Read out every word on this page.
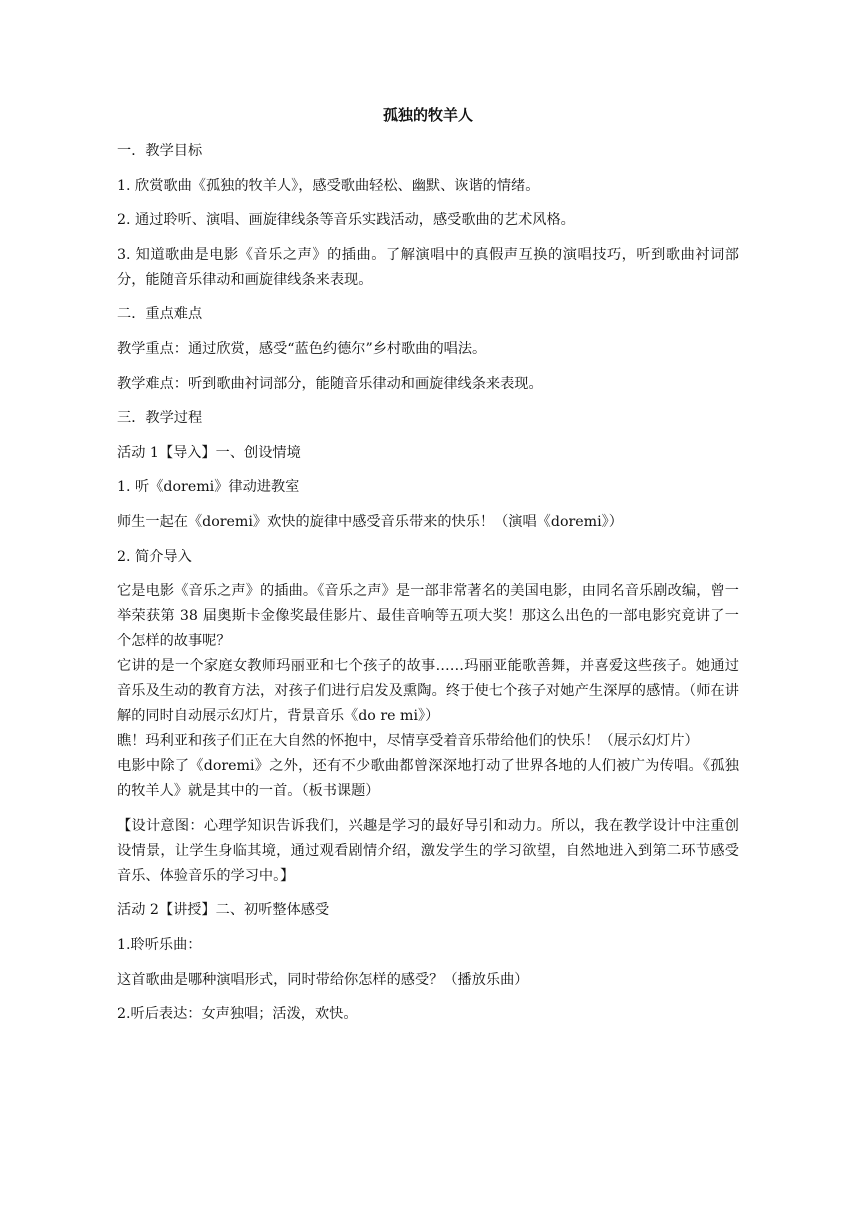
孤独的牧羊人
一．教学目标
1. 欣赏歌曲《孤独的牧羊人》，感受歌曲轻松、幽默、诙谐的情绪。
2. 通过聆听、演唱、画旋律线条等音乐实践活动，感受歌曲的艺术风格。
3. 知道歌曲是电影《音乐之声》的插曲。了解演唱中的真假声互换的演唱技巧，听到歌曲衬词部分，能随音乐律动和画旋律线条来表现。
二．重点难点
教学重点：通过欣赏，感受“蓝色约德尔”乡村歌曲的唱法。
教学难点：听到歌曲衬词部分，能随音乐律动和画旋律线条来表现。
三．教学过程
活动 1【导入】一、创设情境
1. 听《doremi》律动进教室
师生一起在《doremi》欢快的旋律中感受音乐带来的快乐！（演唱《doremi》）
2. 简介导入
它是电影《音乐之声》的插曲。《音乐之声》是一部非常著名的美国电影，由同名音乐剧改编，曾一举荣获第 38 届奥斯卡金像奖最佳影片、最佳音响等五项大奖！那这么出色的一部电影究竟讲了一个怎样的故事呢？
它讲的是一个家庭女教师玛丽亚和七个孩子的故事……玛丽亚能歌善舞，并喜爱这些孩子。她通过音乐及生动的教育方法，对孩子们进行启发及熏陶。终于使七个孩子对她产生深厚的感情。（师在讲解的同时自动展示幻灯片，背景音乐《do re mi》）
瞧！玛利亚和孩子们正在大自然的怀抱中，尽情享受着音乐带给他们的快乐！（展示幻灯片）
电影中除了《doremi》之外，还有不少歌曲都曾深深地打动了世界各地的人们被广为传唱。《孤独的牧羊人》就是其中的一首。（板书课题）
【设计意图：心理学知识告诉我们，兴趣是学习的最好导引和动力。所以，我在教学设计中注重创设情景，让学生身临其境，通过观看剧情介绍，激发学生的学习欲望，自然地进入到第二环节感受音乐、体验音乐的学习中。】
活动 2【讲授】二、初听整体感受
1.聆听乐曲：
这首歌曲是哪种演唱形式，同时带给你怎样的感受？（播放乐曲）
2.听后表达：女声独唱；活泼，欢快。
